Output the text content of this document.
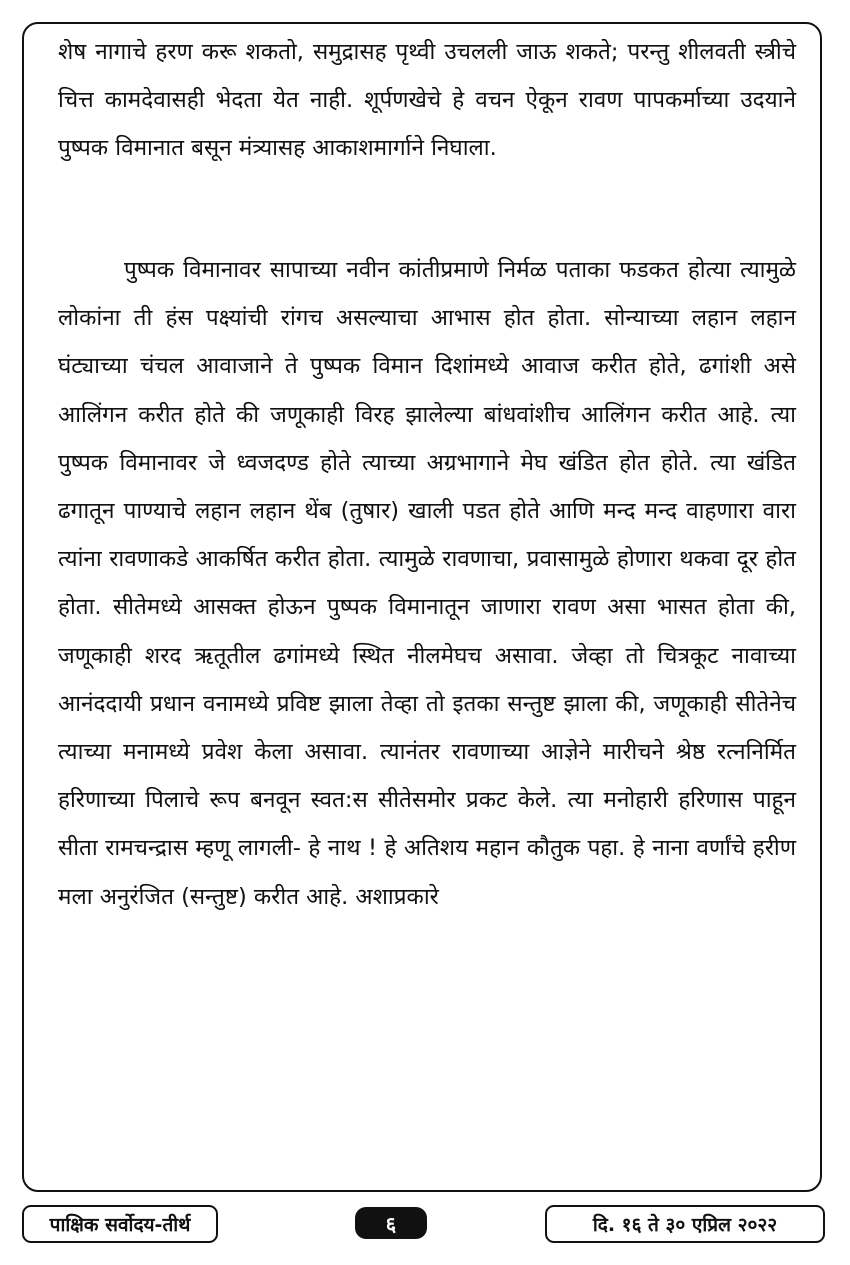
शेष नागाचे हरण करू शकतो, समुद्रासह पृथ्वी उचलली जाऊ शकते; परन्तु शीलवती स्त्रीचे चित्त कामदेवासही भेदता येत नाही. शूर्पणखेचे हे वचन ऐकून रावण पापकर्माच्या उदयाने पुष्पक विमानात बसून मंत्र्यासह आकाशमार्गाने निघाला.

पुष्पक विमानावर सापाच्या नवीन कांतीप्रमाणे निर्मळ पताका फडकत होत्या त्यामुळे लोकांना ती हंस पक्ष्यांची रांगच असल्याचा आभास होत होता. सोन्याच्या लहान लहान घंट्याच्या चंचल आवाजाने ते पुष्पक विमान दिशांमध्ये आवाज करीत होते, ढगांशी असे आलिंगन करीत होते की जणूकाही विरह झालेल्या बांधवांशीच आलिंगन करीत आहे. त्या पुष्पक विमानावर जे ध्वजदण्ड होते त्याच्या अग्रभागाने मेघ खंडित होत होते. त्या खंडित ढगातून पाण्याचे लहान लहान थेंब (तुषार) खाली पडत होते आणि मन्द मन्द वाहणारा वारा त्यांना रावणाकडे आकर्षित करीत होता. त्यामुळे रावणाचा, प्रवासामुळे होणारा थकवा दूर होत होता. सीतेमध्ये आसक्त होऊन पुष्पक विमानातून जाणारा रावण असा भासत होता की, जणूकाही शरद ऋतूतील ढगांमध्ये स्थित नीलमेघच असावा. जेव्हा तो चित्रकूट नावाच्या आनंददायी प्रधान वनामध्ये प्रविष्ट झाला तेव्हा तो इतका सन्तुष्ट झाला की, जणूकाही सीतेनेच त्याच्या मनामध्ये प्रवेश केला असावा. त्यानंतर रावणाच्या आज्ञेने मारीचने श्रेष्ठ रत्ननिर्मित हरिणाच्या पिलाचे रूप बनवून स्वत:स सीतेसमोर प्रकट केले. त्या मनोहारी हरिणास पाहून सीता रामचन्द्रास म्हणू लागली- हे नाथ ! हे अतिशय महान कौतुक पहा. हे नाना वर्णांचे हरीण मला अनुरंजित (सन्तुष्ट) करीत आहे. अशाप्रकारे

पाक्षिक सर्वोदय-तीर्थ	६	दि. १६ ते ३० एप्रिल २०२२
